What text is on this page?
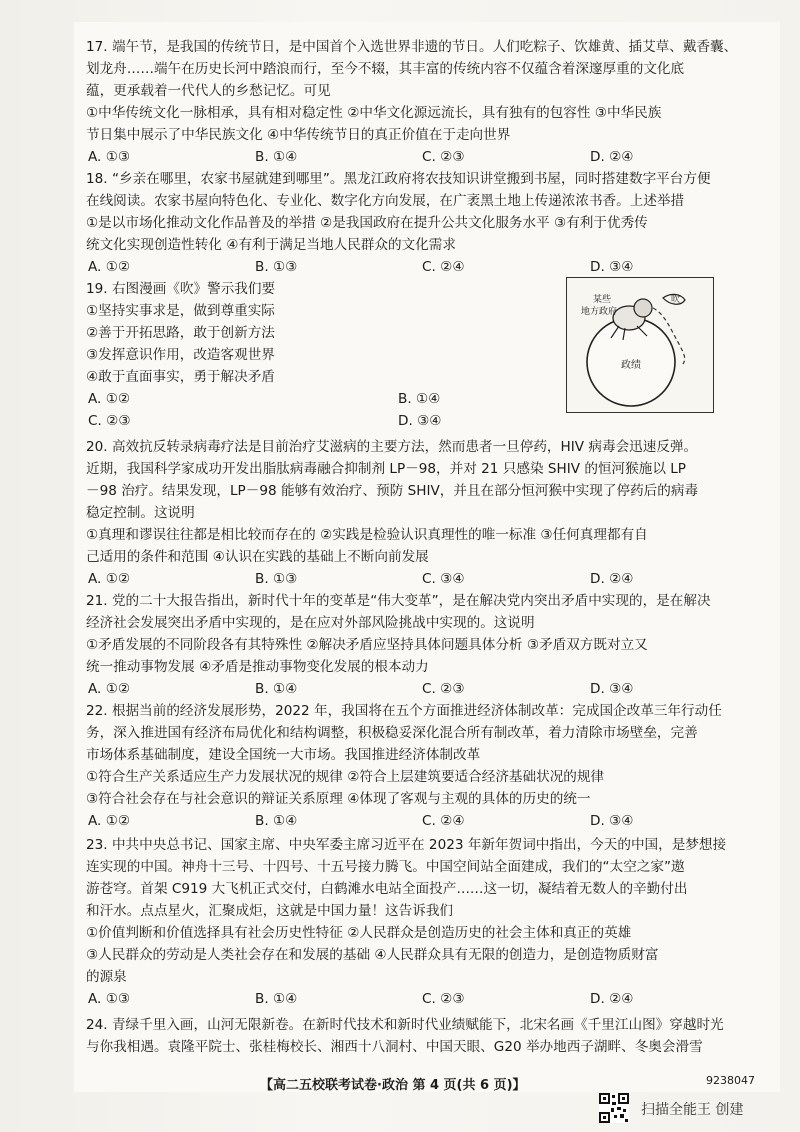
17. 端午节，是我国的传统节日，是中国首个入选世界非遗的节日。人们吃粽子、饮雄黄、插艾草、戴香囊、
划龙舟……端午在历史长河中踏浪而行，至今不辍，其丰富的传统内容不仅蕴含着深邃厚重的文化底
蕴，更承载着一代代人的乡愁记忆。可见
①中华传统文化一脉相承，具有相对稳定性 ②中华文化源远流长，具有独有的包容性 ③中华民族
节日集中展示了中华民族文化 ④中华传统节日的真正价值在于走向世界
A. ①③	B. ①④	C. ②③	D. ②④
18. “乡亲在哪里，农家书屋就建到哪里”。黑龙江政府将农技知识讲堂搬到书屋，同时搭建数字平台方便
在线阅读。农家书屋向特色化、专业化、数字化方向发展，在广袤黑土地上传递浓浓书香。上述举措
①是以市场化推动文化作品普及的举措 ②是我国政府在提升公共文化服务水平 ③有利于优秀传
统文化实现创造性转化 ④有利于满足当地人民群众的文化需求
A. ①②	B. ①③	C. ②④	D. ③④
19. 右图漫画《吹》警示我们要
①坚持实事求是，做到尊重实际
②善于开拓思路，敢于创新方法
③发挥意识作用，改造客观世界
④敢于直面事实，勇于解决矛盾
A. ①②	B. ①④
C. ②③	D. ③④
某些
地方政府
吹
政绩
20. 高效抗反转录病毒疗法是目前治疗艾滋病的主要方法，然而患者一旦停药，HIV 病毒会迅速反弹。
近期，我国科学家成功开发出脂肽病毒融合抑制剂 LP－98，并对 21 只感染 SHIV 的恒河猴施以 LP
－98 治疗。结果发现，LP－98 能够有效治疗、预防 SHIV，并且在部分恒河猴中实现了停药后的病毒
稳定控制。这说明
①真理和谬误往往都是相比较而存在的 ②实践是检验认识真理性的唯一标准 ③任何真理都有自
己适用的条件和范围 ④认识在实践的基础上不断向前发展
A. ①②	B. ①③	C. ③④	D. ②④
21. 党的二十大报告指出，新时代十年的变革是“伟大变革”，是在解决党内突出矛盾中实现的，是在解决
经济社会发展突出矛盾中实现的，是在应对外部风险挑战中实现的。这说明
①矛盾发展的不同阶段各有其特殊性 ②解决矛盾应坚持具体问题具体分析 ③矛盾双方既对立又
统一推动事物发展 ④矛盾是推动事物变化发展的根本动力
A. ①②	B. ①④	C. ②③	D. ③④
22. 根据当前的经济发展形势，2022 年，我国将在五个方面推进经济体制改革：完成国企改革三年行动任
务，深入推进国有经济布局优化和结构调整，积极稳妥深化混合所有制改革，着力清除市场壁垒，完善
市场体系基础制度，建设全国统一大市场。我国推进经济体制改革
①符合生产关系适应生产力发展状况的规律 ②符合上层建筑要适合经济基础状况的规律
③符合社会存在与社会意识的辩证关系原理 ④体现了客观与主观的具体的历史的统一
A. ①②	B. ①④	C. ②④	D. ③④
23. 中共中央总书记、国家主席、中央军委主席习近平在 2023 年新年贺词中指出，今天的中国，是梦想接
连实现的中国。神舟十三号、十四号、十五号接力腾飞。中国空间站全面建成，我们的“太空之家”遨
游苍穹。首架 C919 大飞机正式交付，白鹤滩水电站全面投产……这一切，凝结着无数人的辛勤付出
和汗水。点点星火，汇聚成炬，这就是中国力量！这告诉我们
①价值判断和价值选择具有社会历史性特征 ②人民群众是创造历史的社会主体和真正的英雄
③人民群众的劳动是人类社会存在和发展的基础 ④人民群众具有无限的创造力，是创造物质财富
的源泉
A. ①③	B. ①④	C. ②③	D. ②④
24. 青绿千里入画，山河无限新卷。在新时代技术和新时代业绩赋能下，北宋名画《千里江山图》穿越时光
与你我相遇。袁隆平院士、张桂梅校长、湘西十八洞村、中国天眼、G20 举办地西子湖畔、冬奥会滑雪
【高二五校联考试卷·政治 第 4 页(共 6 页)】	9238047
扫描全能王 创建
